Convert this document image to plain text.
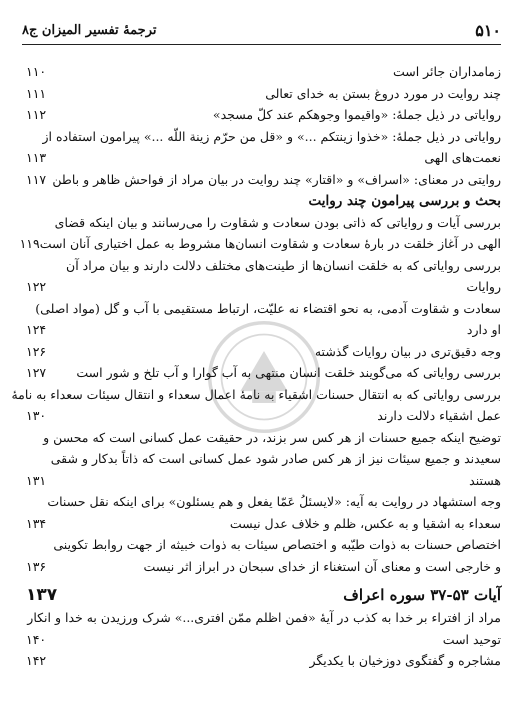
۵۱۰
ترجمهٔ تفسیر المیزان ج۸
زمامداران جائر است
۱۱۰
چند روایت در مورد دروغ بستن به خدای تعالی
۱۱۱
روایاتی در ذیل جملهٔ: «واقیموا وجوهکم عند کلّ مسجد»
۱۱۲
روایاتی در ذیل جملهٔ: «خذوا زینتکم ...» و «قل من حرّم زینة اللّه ...» پیرامون استفاده از
نعمت‌های الهی
۱۱۳
روایتی در معنای: «اسراف» و «اقتار» چند روایت در بیان مراد از فواحش ظاهر و باطن
۱۱۷
بحث و بررسی پیرامون چند روایت
بررسی آیات و روایاتی که ذاتی بودن سعادت و شقاوت را می‌رسانند و بیان اینکه قضای
الهی در آغاز خلقت در بارهٔ سعادت و شقاوت انسان‌ها مشروط به عمل اختیاری آنان است
۱۱۹
بررسی روایاتی که به خلقت انسان‌ها از طینت‌های مختلف دلالت دارند و بیان مراد آن
روایات
۱۲۲
سعادت و شقاوت آدمی، به نحو اقتضاء نه علیّت، ارتباط مستقیمی با آب و گل (مواد اصلی)
او دارد
۱۲۴
وجه دقیق‌تری در بیان روایات گذشته
۱۲۶
بررسی روایاتی که می‌گویند خلقت انسان منتهی به آب گوارا و آب تلخ و شور است
۱۲۷
بررسی روایاتی که به انتقال حسنات اشقیاء به نامهٔ اعمال سعداء و انتقال سیئات سعداء به نامهٔ
عمل اشقیاء دلالت دارند
۱۳۰
توضیح اینکه جمیع حسنات از هر کس سر بزند، در حقیقت عمل کسانی است که محسن و
سعیدند و جمیع سیئات نیز از هر کس صادر شود عمل کسانی است که ذاتاً بدکار و شقی
هستند
۱۳۱
وجه استشهاد در روایت به آیه: «لایسئلُ عَمّا یفعل و هم یسئلون» برای اینکه نقل حسنات
سعداء به اشقیا و به عکس، ظلم و خلاف عدل نیست
۱۳۴
اختصاص حسنات به ذوات طیّبه و اختصاص سیئات به ذوات خبیثه از جهت روابط تکوینی
و خارجی است و معنای آن استغناء از خدای سبحان در ابراز اثر نیست
۱۳۶
آیات ۵۳-۳۷ سوره اعراف
۱۳۷
مراد از افتراء بر خدا به کذب در آیهٔ «فمن اظلم ممّن افتری...» شرک ورزیدن به خدا و انکار
توحید است
۱۴۰
مشاجره و گفتگوی دوزخیان با یکدیگر
۱۴۲
